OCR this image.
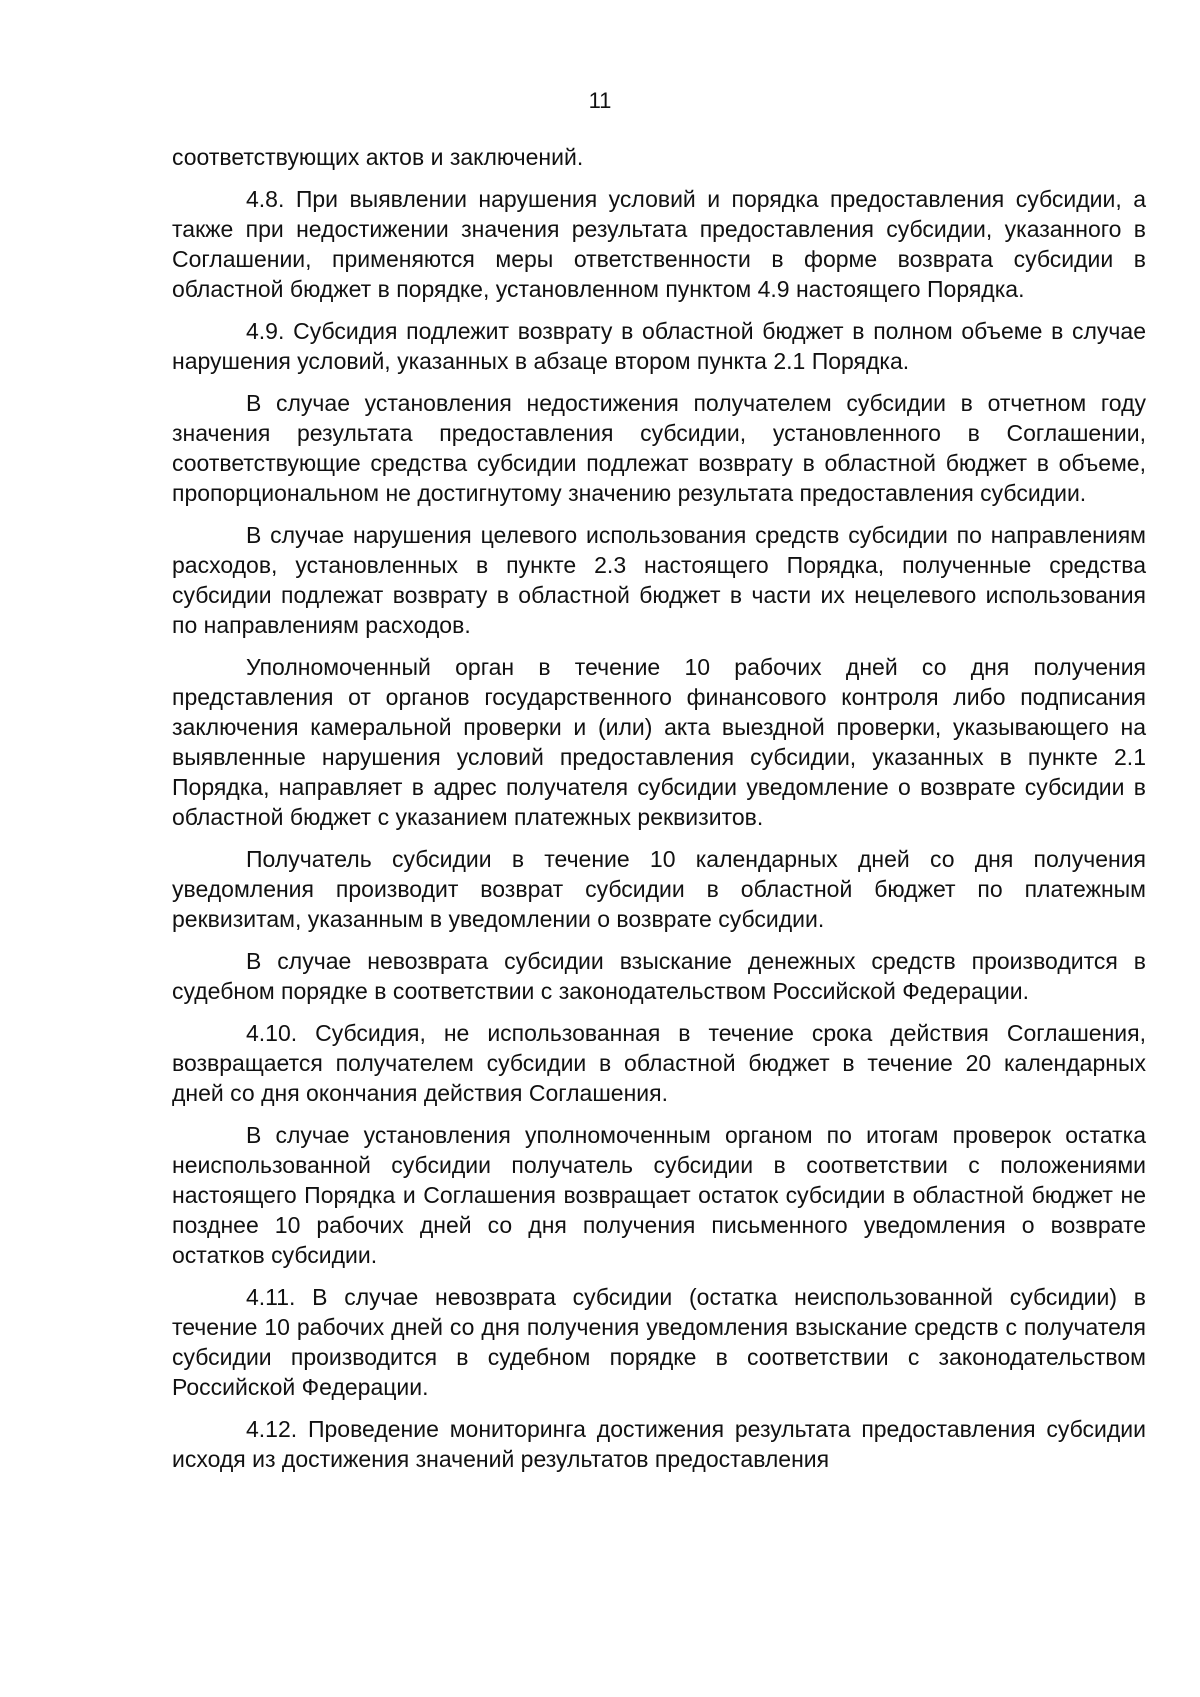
11

соответствующих актов и заключений.

4.8. При выявлении нарушения условий и порядка предоставления субсидии, а также при недостижении значения результата предоставления субсидии, указанного в Соглашении, применяются меры ответственности в форме возврата субсидии в областной бюджет в порядке, установленном пунктом 4.9 настоящего Порядка.

4.9. Субсидия подлежит возврату в областной бюджет в полном объеме в случае нарушения условий, указанных в абзаце втором пункта 2.1 Порядка.

В случае установления недостижения получателем субсидии в отчетном году значения результата предоставления субсидии, установленного в Соглашении, соответствующие средства субсидии подлежат возврату в областной бюджет в объеме, пропорциональном не достигнутому значению результата предоставления субсидии.

В случае нарушения целевого использования средств субсидии по направлениям расходов, установленных в пункте 2.3 настоящего Порядка, полученные средства субсидии подлежат возврату в областной бюджет в части их нецелевого использования по направлениям расходов.

Уполномоченный орган в течение 10 рабочих дней со дня получения представления от органов государственного финансового контроля либо подписания заключения камеральной проверки и (или) акта выездной проверки, указывающего на выявленные нарушения условий предоставления субсидии, указанных в пункте 2.1 Порядка, направляет в адрес получателя субсидии уведомление о возврате субсидии в областной бюджет с указанием платежных реквизитов.

Получатель субсидии в течение 10 календарных дней со дня получения уведомления производит возврат субсидии в областной бюджет по платежным реквизитам, указанным в уведомлении о возврате субсидии.

В случае невозврата субсидии взыскание денежных средств производится в судебном порядке в соответствии с законодательством Российской Федерации.

4.10. Субсидия, не использованная в течение срока действия Соглашения, возвращается получателем субсидии в областной бюджет в течение 20 календарных дней со дня окончания действия Соглашения.

В случае установления уполномоченным органом по итогам проверок остатка неиспользованной субсидии получатель субсидии в соответствии с положениями настоящего Порядка и Соглашения возвращает остаток субсидии в областной бюджет не позднее 10 рабочих дней со дня получения письменного уведомления о возврате остатков субсидии.

4.11. В случае невозврата субсидии (остатка неиспользованной субсидии) в течение 10 рабочих дней со дня получения уведомления взыскание средств с получателя субсидии производится в судебном порядке в соответствии с законодательством Российской Федерации.

4.12. Проведение мониторинга достижения результата предоставления субсидии исходя из достижения значений результатов предоставления
